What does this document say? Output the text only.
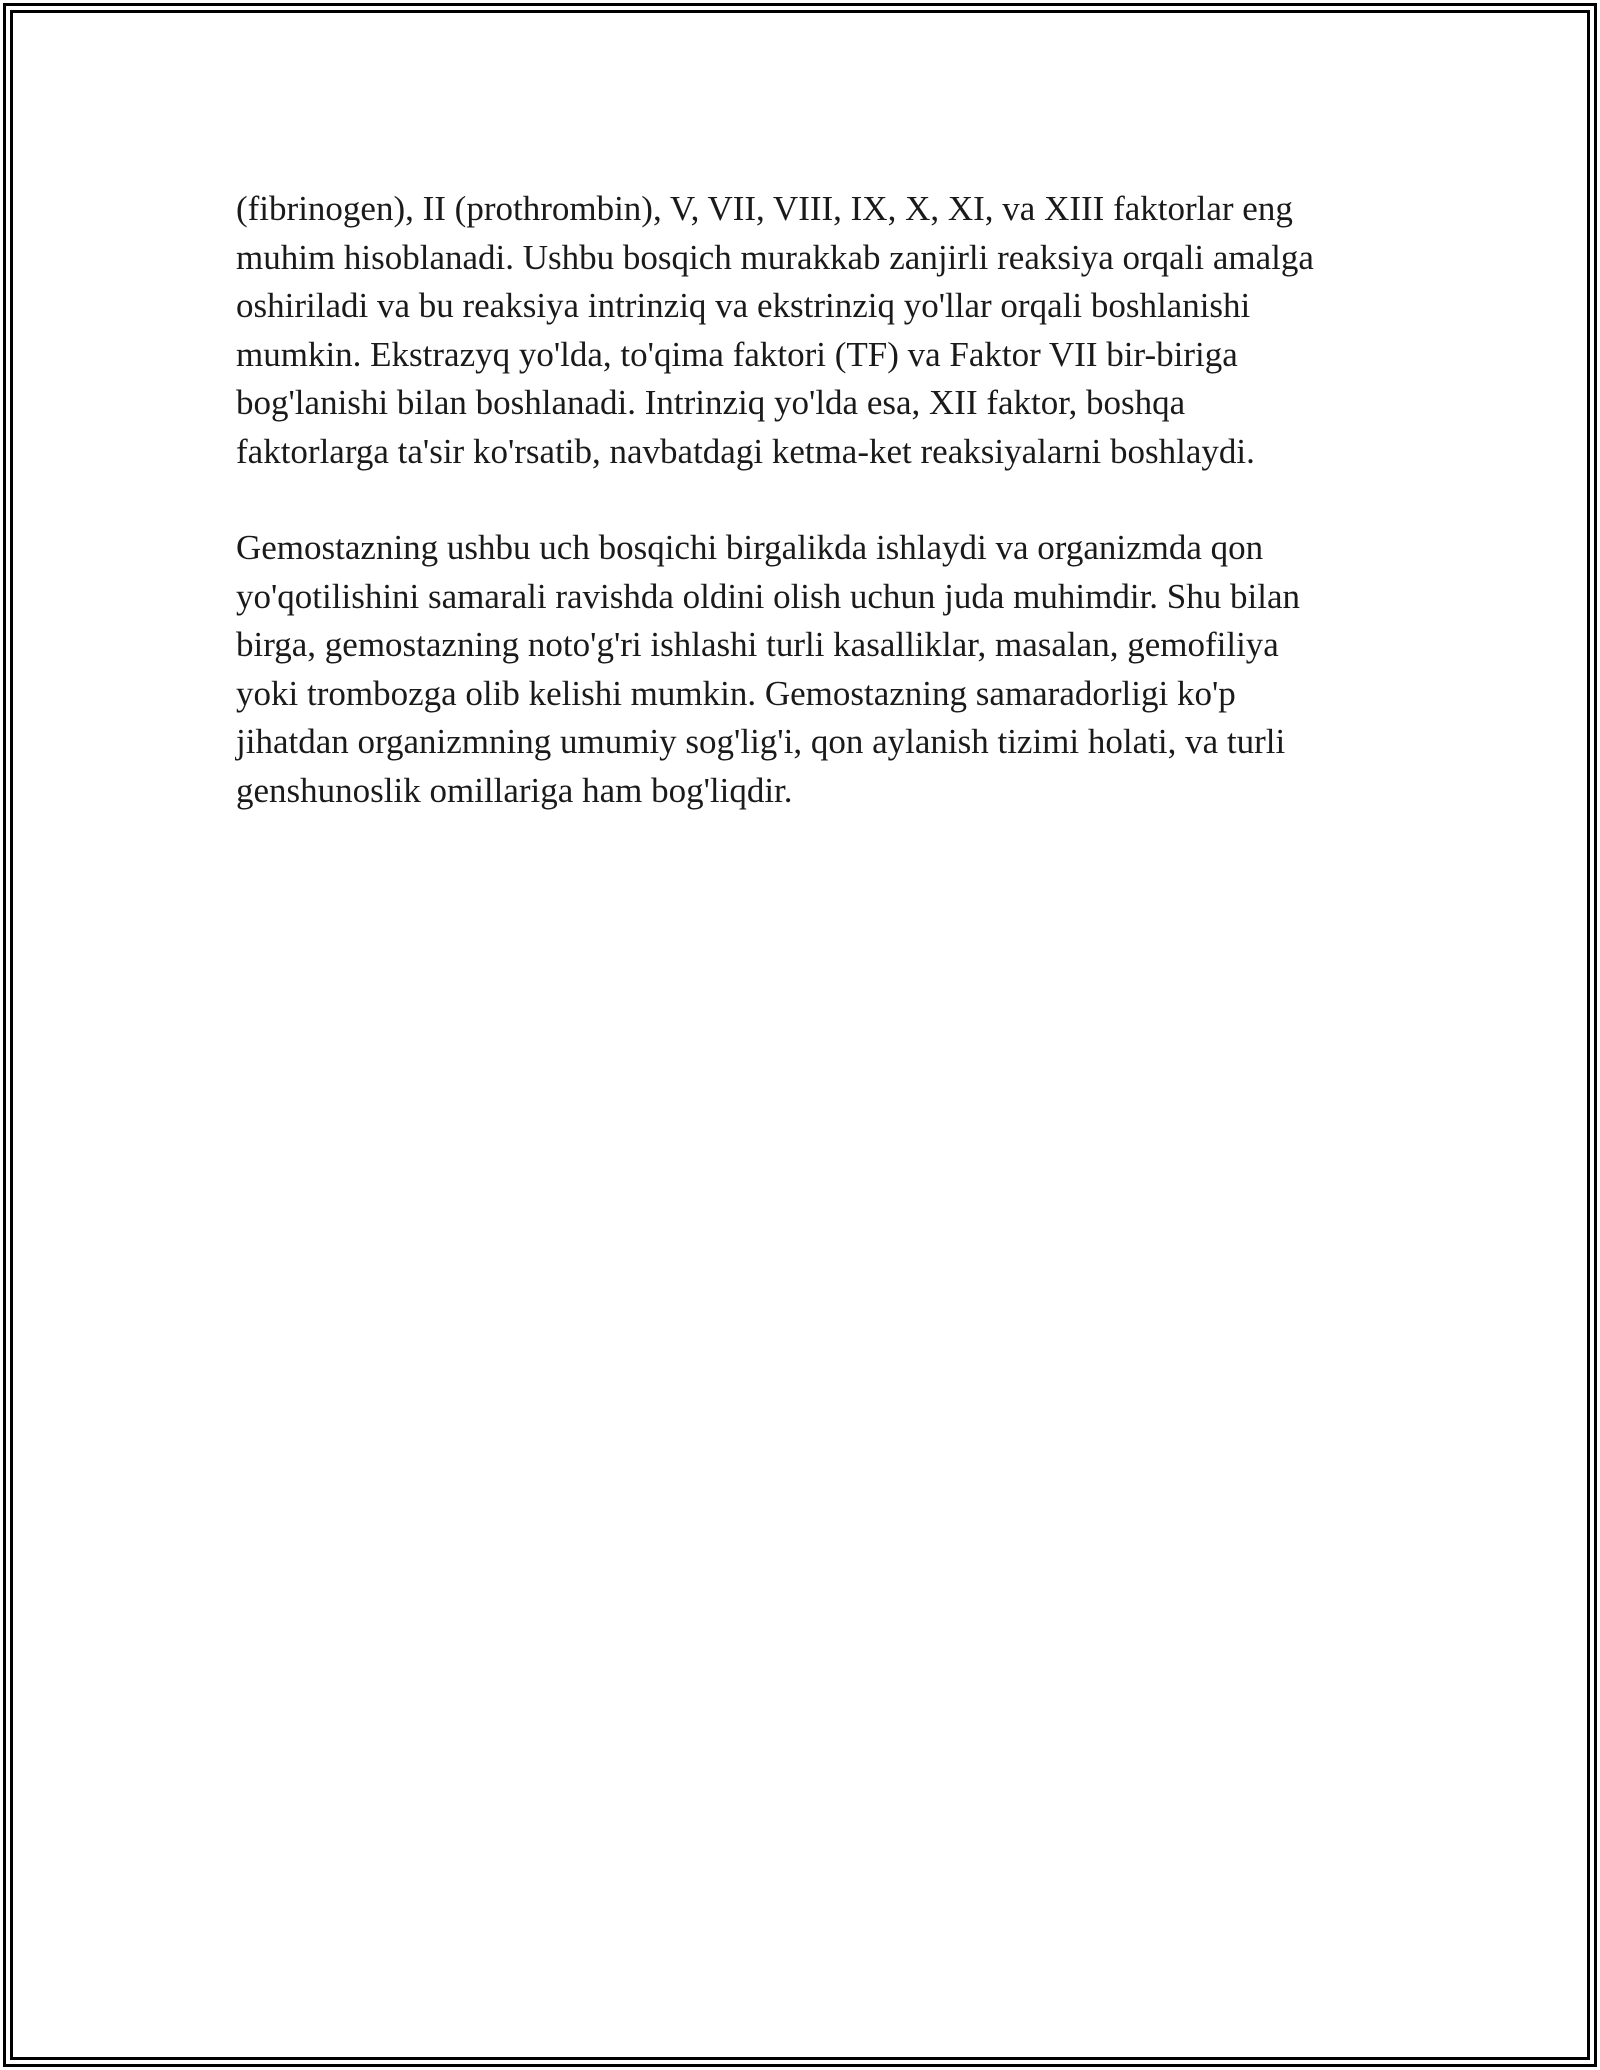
(fibrinogen), II (prothrombin), V, VII, VIII, IX, X, XI, va XIII faktorlar eng
muhim hisoblanadi. Ushbu bosqich murakkab zanjirli reaksiya orqali amalga
oshiriladi va bu reaksiya intrinziq va ekstrinziq yo'llar orqali boshlanishi
mumkin. Ekstrazyq yo'lda, to'qima faktori (TF) va Faktor VII bir-biriga
bog'lanishi bilan boshlanadi. Intrinziq yo'lda esa, XII faktor, boshqa
faktorlarga ta'sir ko'rsatib, navbatdagi ketma-ket reaksiyalarni boshlaydi.

Gemostazning ushbu uch bosqichi birgalikda ishlaydi va organizmda qon
yo'qotilishini samarali ravishda oldini olish uchun juda muhimdir. Shu bilan
birga, gemostazning noto'g'ri ishlashi turli kasalliklar, masalan, gemofiliya
yoki trombozga olib kelishi mumkin. Gemostazning samaradorligi ko'p
jihatdan organizmning umumiy sog'lig'i, qon aylanish tizimi holati, va turli
genshunoslik omillariga ham bog'liqdir.
